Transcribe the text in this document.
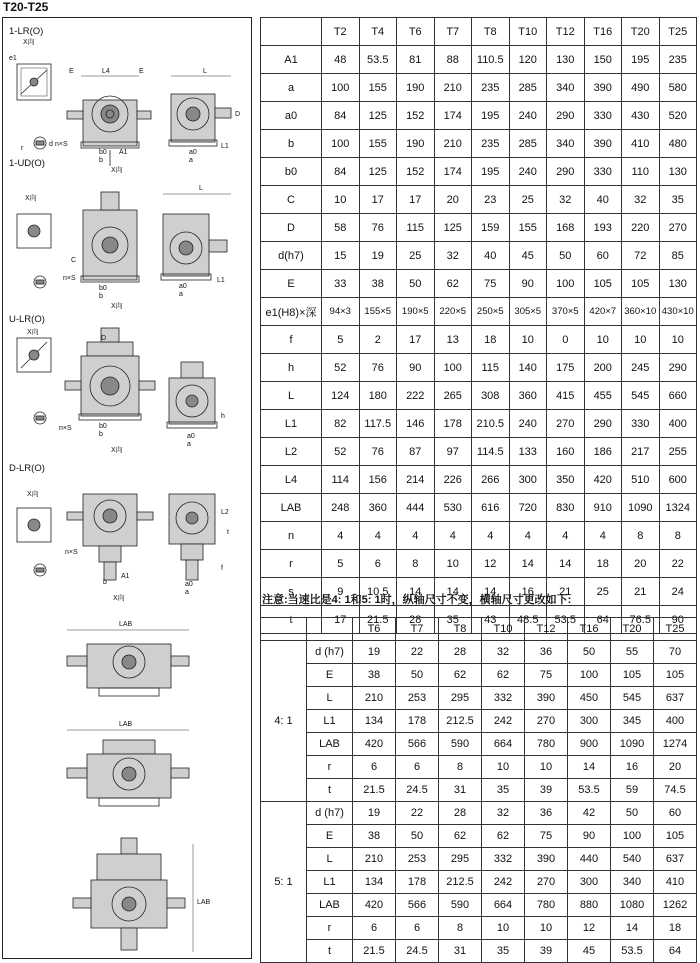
T20-T25
1-LR(O)
X向
e1
r
d
L4
E	E
b0
b
n×S
A1
X向
L
a0
a
L1
D
1-UD(O)
X向
n×S
b0
b
X向
C
L
a0
a
L1
U-LR(O)
X向
n×S	b0
b
X向
D
a0
a
h
D-LR(O)
X向
n×S
b
A1
X向
a0
a
L2
f
t
LAB
LAB
LAB
	T2	T4	T6	T7	T8	T10	T12	T16	T20	T25
A1	48	53.5	81	88	110.5	120	130	150	195	235
a	100	155	190	210	235	285	340	390	490	580
a0	84	125	152	174	195	240	290	330	430	520
b	100	155	190	210	235	285	340	390	410	480
b0	84	125	152	174	195	240	290	330	110	130
C	10	17	17	20	23	25	32	40	32	35
D	58	76	115	125	159	155	168	193	220	270
d(h7)	15	19	25	32	40	45	50	60	72	85
E	33	38	50	62	75	90	100	105	105	130
e1(H8)×深	94×3	155×5	190×5	220×5	250×5	305×5	370×5	420×7	360×10	430×10
f	5	2	17	13	18	10	0	10	10	10
h	52	76	90	100	115	140	175	200	245	290
L	124	180	222	265	308	360	415	455	545	660
L1	82	117.5	146	178	210.5	240	270	290	330	400
L2	52	76	87	97	114.5	133	160	186	217	255
L4	114	156	214	226	266	300	350	420	510	600
LAB	248	360	444	530	616	720	830	910	1090	1324
n	4	4	4	4	4	4	4	4	8	8
r	5	6	8	10	12	14	14	18	20	22
s	9	10.5	14	14	14	16	21	25	21	24
t	17	21.5	28	35	43	48.5	53.5	64	76.5	90
注意:当速比是4: 1和5: 1时，纵轴尺寸不变，横轴尺寸更改如下:
		T6	T7	T8	T10	T12	T16	T20	T25
4: 1	d (h7)	19	22	28	32	36	50	55	70
	E	38	50	62	62	75	100	105	105
	L	210	253	295	332	390	450	545	637
	L1	134	178	212.5	242	270	300	345	400
	LAB	420	566	590	664	780	900	1090	1274
	r	6	6	8	10	10	14	16	20
	t	21.5	24.5	31	35	39	53.5	59	74.5
5: 1	d (h7)	19	22	28	32	36	42	50	60
	E	38	50	62	62	75	90	100	105
	L	210	253	295	332	390	440	540	637
	L1	134	178	212.5	242	270	300	340	410
	LAB	420	566	590	664	780	880	1080	1262
	r	6	6	8	10	10	12	14	18
	t	21.5	24.5	31	35	39	45	53.5	64
